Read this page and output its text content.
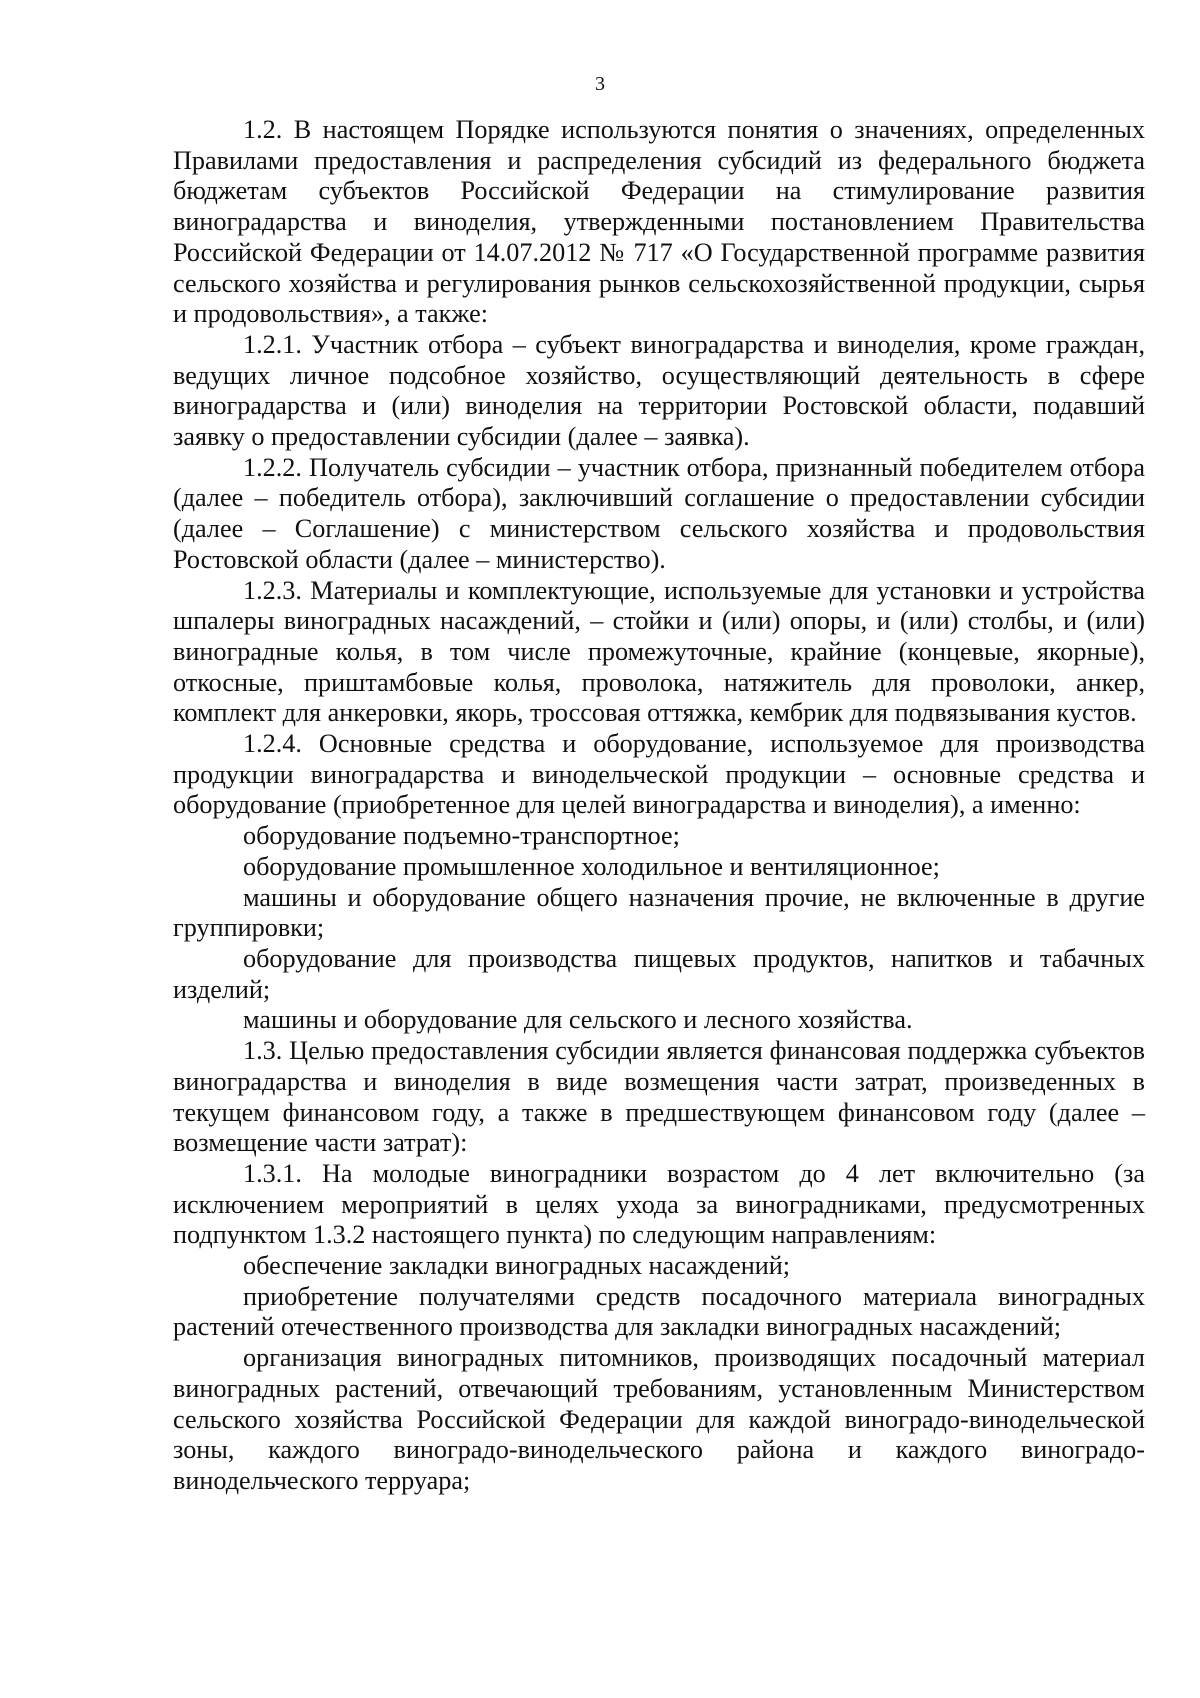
3

1.2. В настоящем Порядке используются понятия о значениях, определенных Правилами предоставления и распределения субсидий из федерального бюджета бюджетам субъектов Российской Федерации на стимулирование развития виноградарства и виноделия, утвержденными постановлением Правительства Российской Федерации от 14.07.2012 № 717 «О Государственной программе развития сельского хозяйства и регулирования рынков сельскохозяйственной продукции, сырья и продовольствия», а также:

1.2.1. Участник отбора – субъект виноградарства и виноделия, кроме граждан, ведущих личное подсобное хозяйство, осуществляющий деятельность в сфере виноградарства и (или) виноделия на территории Ростовской области, подавший заявку о предоставлении субсидии (далее – заявка).

1.2.2. Получатель субсидии – участник отбора, признанный победителем отбора (далее – победитель отбора), заключивший соглашение о предоставлении субсидии (далее – Соглашение) с министерством сельского хозяйства и продовольствия Ростовской области (далее – министерство).

1.2.3. Материалы и комплектующие, используемые для установки и устройства шпалеры виноградных насаждений, – стойки и (или) опоры, и (или) столбы, и (или) виноградные колья, в том числе промежуточные, крайние (концевые, якорные), откосные, приштамбовые колья, проволока, натяжитель для проволоки, анкер, комплект для анкеровки, якорь, троссовая оттяжка, кембрик для подвязывания кустов.

1.2.4. Основные средства и оборудование, используемое для производства продукции виноградарства и винодельческой продукции – основные средства и оборудование (приобретенное для целей виноградарства и виноделия), а именно:

оборудование подъемно-транспортное;

оборудование промышленное холодильное и вентиляционное;

машины и оборудование общего назначения прочие, не включенные в другие группировки;

оборудование для производства пищевых продуктов, напитков и табачных изделий;

машины и оборудование для сельского и лесного хозяйства.

1.3. Целью предоставления субсидии является финансовая поддержка субъектов виноградарства и виноделия в виде возмещения части затрат, произведенных в текущем финансовом году, а также в предшествующем финансовом году (далее – возмещение части затрат):

1.3.1. На молодые виноградники возрастом до 4 лет включительно (за исключением мероприятий в целях ухода за виноградниками, предусмотренных подпунктом 1.3.2 настоящего пункта) по следующим направлениям:

обеспечение закладки виноградных насаждений;

приобретение получателями средств посадочного материала виноградных растений отечественного производства для закладки виноградных насаждений;

организация виноградных питомников, производящих посадочный материал виноградных растений, отвечающий требованиям, установленным Министерством сельского хозяйства Российской Федерации для каждой виноградо-винодельческой зоны, каждого виноградо-винодельческого района и каждого виноградо-винодельческого терруара;
